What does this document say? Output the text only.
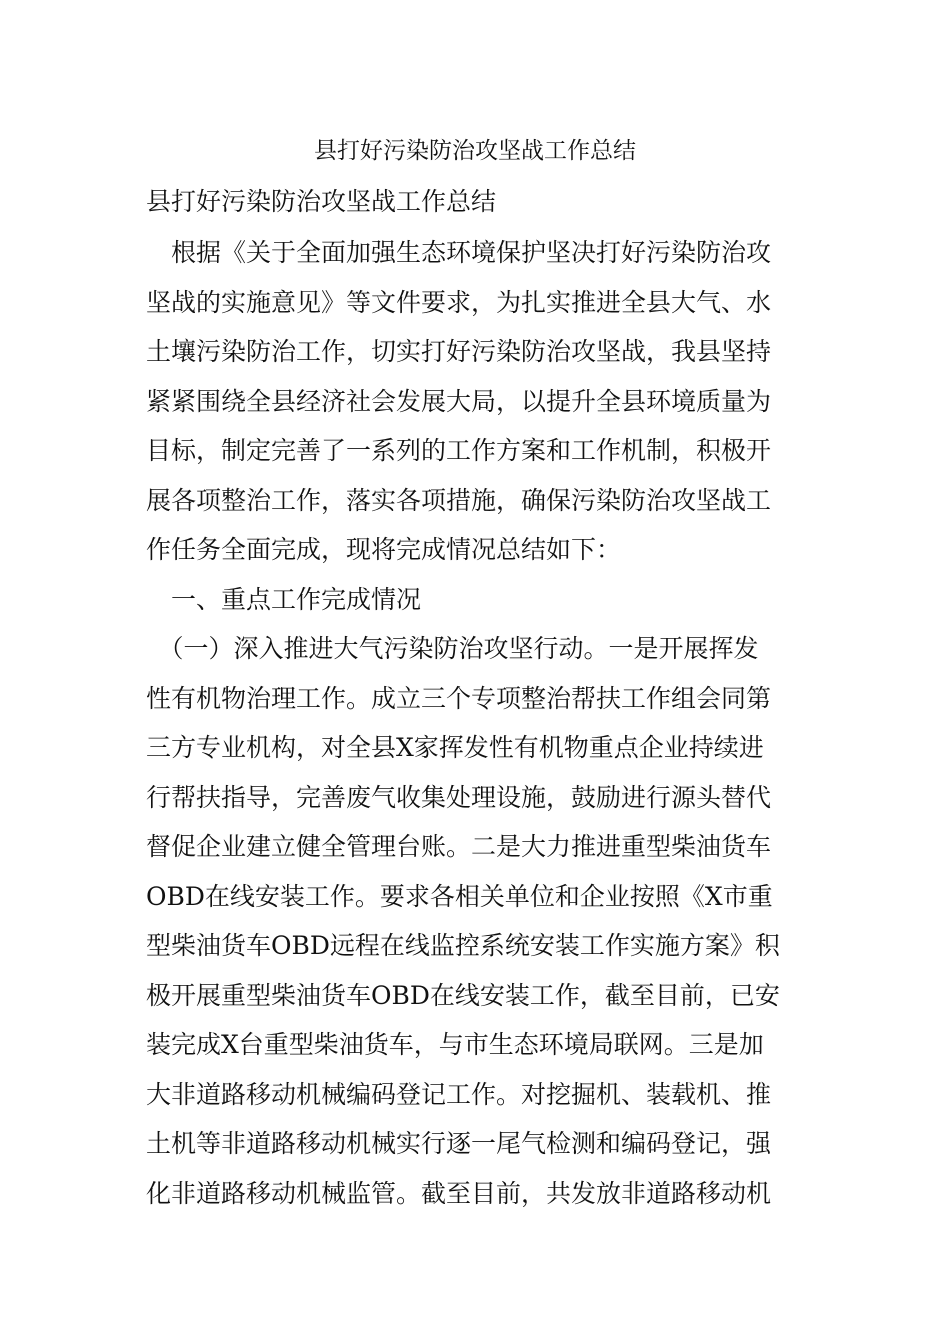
县打好污染防治攻坚战工作总结
县打好污染防治攻坚战工作总结
　根据《关于全面加强生态环境保护坚决打好污染防治攻
坚战的实施意见》等文件要求，为扎实推进全县大气、水
土壤污染防治工作，切实打好污染防治攻坚战，我县坚持
紧紧围绕全县经济社会发展大局，以提升全县环境质量为
目标，制定完善了一系列的工作方案和工作机制，积极开
展各项整治工作，落实各项措施，确保污染防治攻坚战工
作任务全面完成，现将完成情况总结如下：
　一、重点工作完成情况
　（一）深入推进大气污染防治攻坚行动。一是开展挥发
性有机物治理工作。成立三个专项整治帮扶工作组会同第
三方专业机构，对全县X家挥发性有机物重点企业持续进
行帮扶指导，完善废气收集处理设施，鼓励进行源头替代
督促企业建立健全管理台账。二是大力推进重型柴油货车
OBD在线安装工作。要求各相关单位和企业按照《X市重
型柴油货车OBD远程在线监控系统安装工作实施方案》积
极开展重型柴油货车OBD在线安装工作，截至目前，已安
装完成X台重型柴油货车，与市生态环境局联网。三是加
大非道路移动机械编码登记工作。对挖掘机、装载机、推
土机等非道路移动机械实行逐一尾气检测和编码登记，强
化非道路移动机械监管。截至目前，共发放非道路移动机
